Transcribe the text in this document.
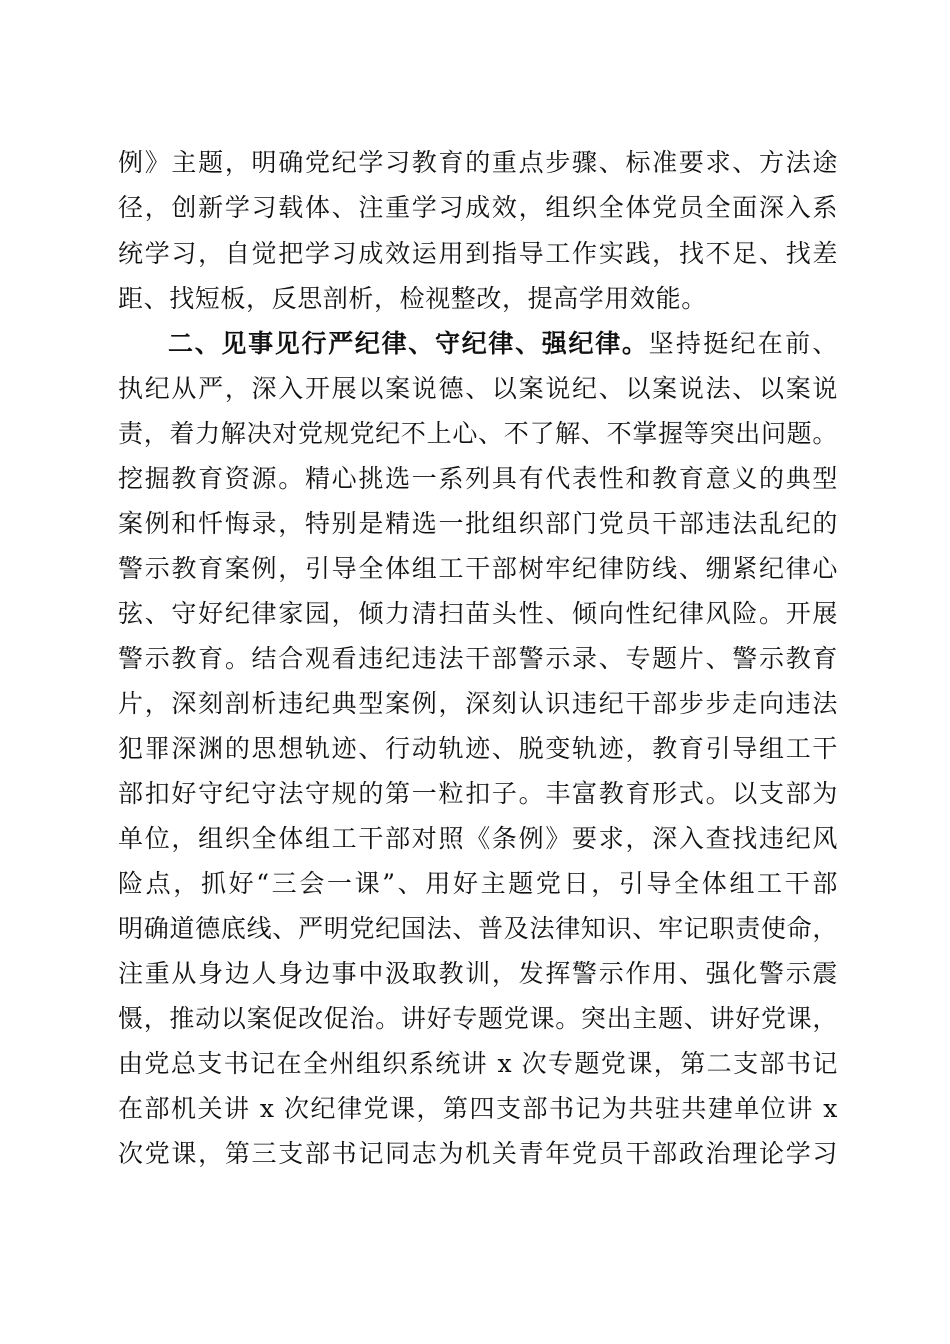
例》主题，明确党纪学习教育的重点步骤、标准要求、方法途
径，创新学习载体、注重学习成效，组织全体党员全面深入系
统学习，自觉把学习成效运用到指导工作实践，找不足、找差
距、找短板，反思剖析，检视整改，提高学用效能。
二、见事见行严纪律、守纪律、强纪律。坚持挺纪在前、
执纪从严，深入开展以案说德、以案说纪、以案说法、以案说
责，着力解决对党规党纪不上心、不了解、不掌握等突出问题。
挖掘教育资源。精心挑选一系列具有代表性和教育意义的典型
案例和忏悔录，特别是精选一批组织部门党员干部违法乱纪的
警示教育案例，引导全体组工干部树牢纪律防线、绷紧纪律心
弦、守好纪律家园，倾力清扫苗头性、倾向性纪律风险。开展
警示教育。结合观看违纪违法干部警示录、专题片、警示教育
片，深刻剖析违纪典型案例，深刻认识违纪干部步步走向违法
犯罪深渊的思想轨迹、行动轨迹、脱变轨迹，教育引导组工干
部扣好守纪守法守规的第一粒扣子。丰富教育形式。以支部为
单位，组织全体组工干部对照《条例》要求，深入查找违纪风
险点，抓好“三会一课”、用好主题党日，引导全体组工干部
明确道德底线、严明党纪国法、普及法律知识、牢记职责使命，
注重从身边人身边事中汲取教训，发挥警示作用、强化警示震
慑，推动以案促改促治。讲好专题党课。突出主题、讲好党课，
由党总支书记在全州组织系统讲 x 次专题党课，第二支部书记
在部机关讲 x 次纪律党课，第四支部书记为共驻共建单位讲 x
次党课，第三支部书记同志为机关青年党员干部政治理论学习
